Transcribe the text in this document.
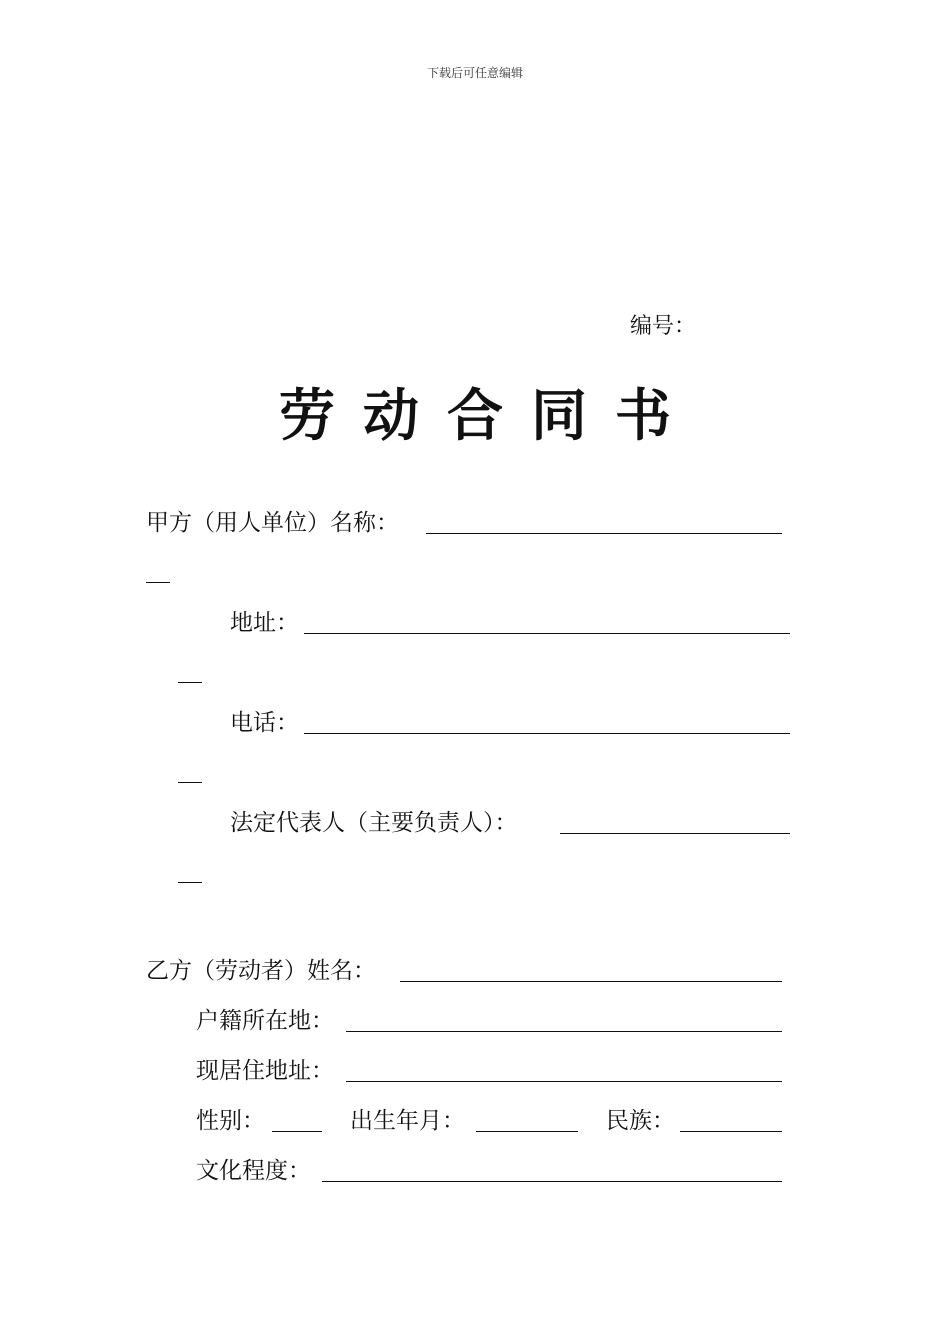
下载后可任意编辑
编号：
劳动合同书
甲方（用人单位）名称：
地址：
电话：
法定代表人（主要负责人）：
乙方（劳动者）姓名：
户籍所在地：
现居住地址：
性别：	出生年月：	民族：
文化程度：
